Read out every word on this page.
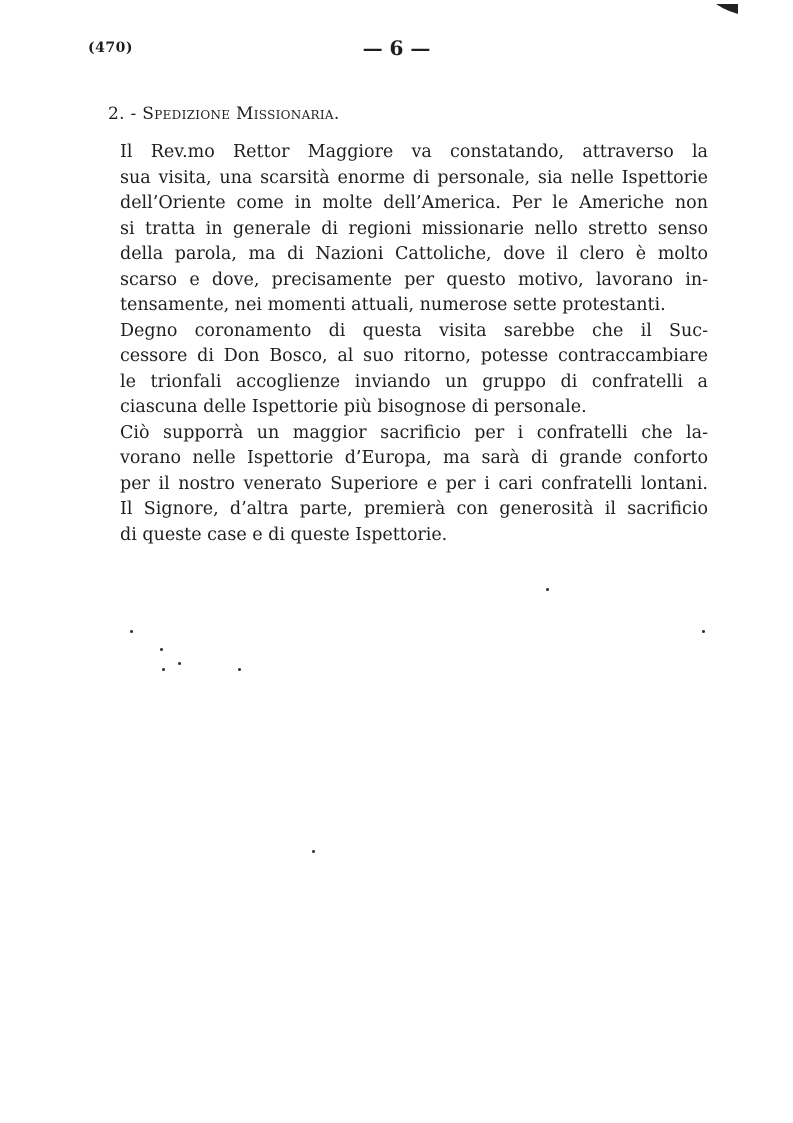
(470)	— 6 —
2. - Spedizione Missionaria.

Il Rev.mo Rettor Maggiore va constatando, attraverso la
sua visita, una scarsità enorme di personale, sia nelle Ispettorie
dell’Oriente come in molte dell’America. Per le Americhe non
si tratta in generale di regioni missionarie nello stretto senso
della parola, ma di Nazioni Cattoliche, dove il clero è molto
scarso e dove, precisamente per questo motivo, lavorano in-
tensamente, nei momenti attuali, numerose sette protestanti.

Degno coronamento di questa visita sarebbe che il Suc-
cessore di Don Bosco, al suo ritorno, potesse contraccambiare
le trionfali accoglienze inviando un gruppo di confratelli a
ciascuna delle Ispettorie più bisognose di personale.

Ciò supporrà un maggior sacrificio per i confratelli che la-
vorano nelle Ispettorie d’Europa, ma sarà di grande conforto
per il nostro venerato Superiore e per i cari confratelli lontani.
Il Signore, d’altra parte, premierà con generosità il sacrificio
di queste case e di queste Ispettorie.
